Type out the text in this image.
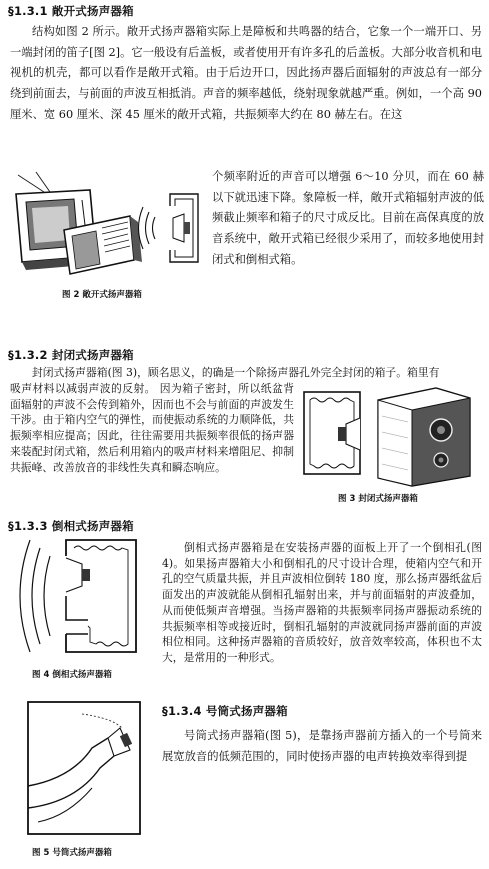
§1.3.1 敞开式扬声器箱
结构如图 2 所示。敞开式扬声器箱实际上是障板和共鸣器的结合，它象一个一端开口、另一端封闭的笛子[图 2]。它一般设有后盖板，或者使用开有许多孔的后盖板。大部分收音机和电视机的机壳，都可以看作是敞开式箱。由于后边开口，因此扬声器后面辐射的声波总有一部分绕到前面去，与前面的声波互相抵消。声音的频率越低，绕射现象就越严重。例如，一个高 90 厘米、宽 60 厘米、深 45 厘米的敞开式箱，共振频率大约在 80 赫左右。在这
个频率附近的声音可以增强 6～10 分贝，而在 60 赫以下就迅速下降。象障板一样，敞开式箱辐射声波的低频截止频率和箱子的尺寸成反比。目前在高保真度的放音系统中，敞开式箱已经很少采用了，而较多地使用封闭式和倒相式箱。
图 2 敞开式扬声器箱
§1.3.2 封闭式扬声器箱
封闭式扬声器箱(图 3)，顾名思义，的确是一个除扬声器孔外完全封闭的箱子。箱里有
吸声材料以减弱声波的反射。 因为箱子密封，所以纸盆背面辐射的声波不会传到箱外，因而也不会与前面的声波发生干涉。由于箱内空气的弹性，而使振动系统的力顺降低，共振频率相应提高；因此，往往需要用共振频率很低的扬声器来装配封闭式箱，然后利用箱内的吸声材料来增阻尼、抑制共振峰、改善放音的非线性失真和瞬态响应。
图 3 封闭式扬声器箱
§1.3.3 倒相式扬声器箱
倒相式扬声器箱是在安装扬声器的面板上开了一个倒相孔(图 4)。如果扬声器箱大小和倒相孔的尺寸设计合理，使箱内空气和开孔的空气质量共振，并且声波相位倒转 180 度，那么扬声器纸盆后面发出的声波就能从倒相孔辐射出来，并与前面辐射的声波叠加，从而使低频声音增强。当扬声器箱的共振频率同扬声器振动系统的共振频率相等或接近时，倒相孔辐射的声波就同扬声器前面的声波相位相同。这种扬声器箱的音质较好，放音效率较高，体积也不太大，是常用的一种形式。
图 4 倒相式扬声器箱
§1.3.4 号筒式扬声器箱
号筒式扬声器箱(图 5)，是靠扬声器前方插入的一个号筒来展宽放音的低频范围的，同时使扬声器的电声转换效率得到提
图 5 号筒式扬声器箱
